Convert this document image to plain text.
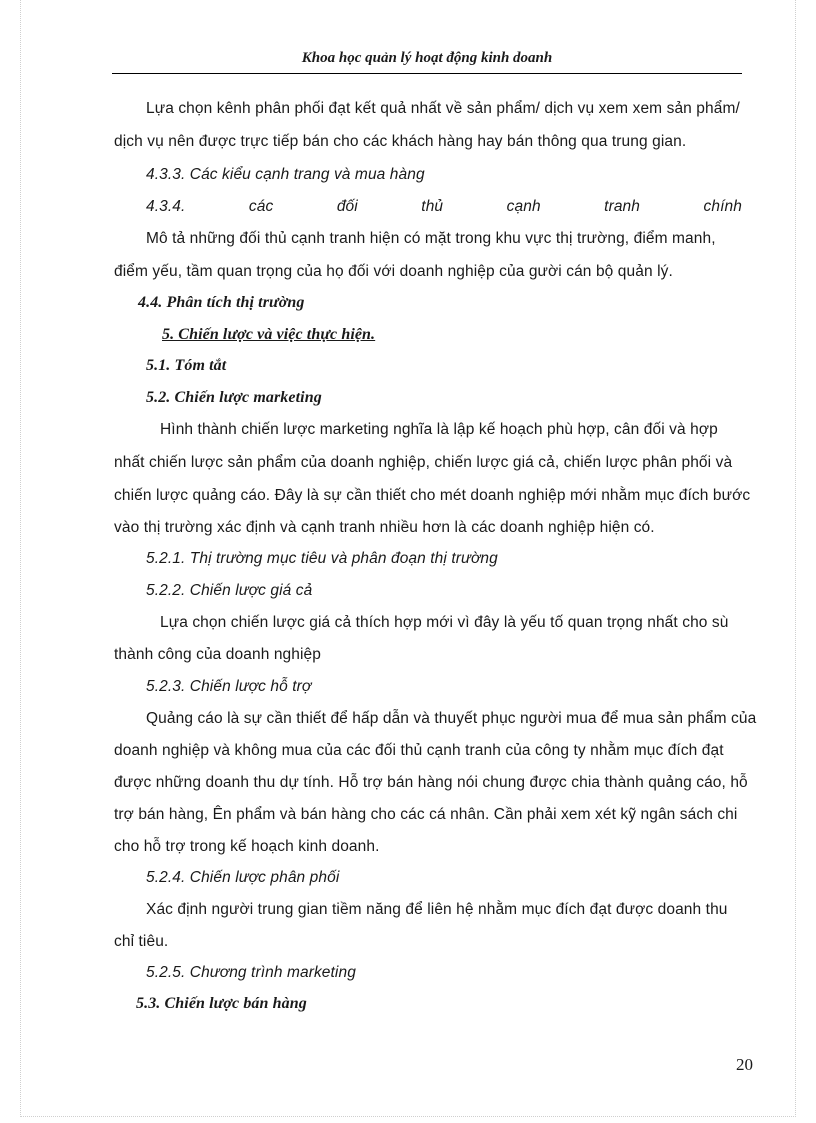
Khoa học quản lý hoạt động kinh doanh
Lựa chọn kênh phân phối đạt kết quả nhất về sản phẩm/ dịch vụ xem xem sản phẩm/
dịch vụ nên được trực tiếp bán cho các khách hàng hay bán thông qua trung gian.
4.3.3. Các kiểu cạnh trang và mua hàng
4.3.4.	các	đối	thủ	cạnh	tranh	chính
Mô tả những đối thủ cạnh tranh hiện có mặt trong khu vực thị trường, điểm manh,
điểm yếu, tầm quan trọng của họ đối với doanh nghiệp của gười cán bộ quản lý.
4.4. Phân tích thị trường
5. Chiến lược và việc thực hiện.
5.1. Tóm tắt
5.2. Chiến lược marketing
Hình thành chiến lược marketing nghĩa là lập kế hoạch phù hợp, cân đối và hợp
nhất chiến lược sản phẩm của doanh nghiệp, chiến lược giá cả, chiến lược phân phối và
chiến lược quảng cáo. Đây là sự cần thiết cho mét doanh nghiệp mới nhằm mục đích bước
vào thị trường xác định và cạnh tranh nhiều hơn là các doanh nghiệp hiện có.
5.2.1. Thị trường mục tiêu và phân đoạn thị trường
5.2.2. Chiến lược giá cả
Lựa chọn chiến lược giá cả thích hợp mới vì đây là yếu tố quan trọng nhất cho sù
thành công của doanh nghiệp
5.2.3. Chiến lược hỗ trợ
Quảng cáo là sự cần thiết để hấp dẫn và thuyết phục người mua để mua sản phẩm của
doanh nghiệp và không mua của các đối thủ cạnh tranh của công ty nhằm mục đích đạt
được những doanh thu dự tính. Hỗ trợ bán hàng nói chung được chia thành quảng cáo, hỗ
trợ bán hàng, Ên phẩm và bán hàng cho các cá nhân. Cần phải xem xét kỹ ngân sách chi
cho hỗ trợ trong kế hoạch kinh doanh.
5.2.4. Chiến lược phân phối
Xác định người trung gian tiềm năng để liên hệ nhằm mục đích đạt được doanh thu
chỉ tiêu.
5.2.5. Chương trình marketing
5.3. Chiến lược bán hàng
20
